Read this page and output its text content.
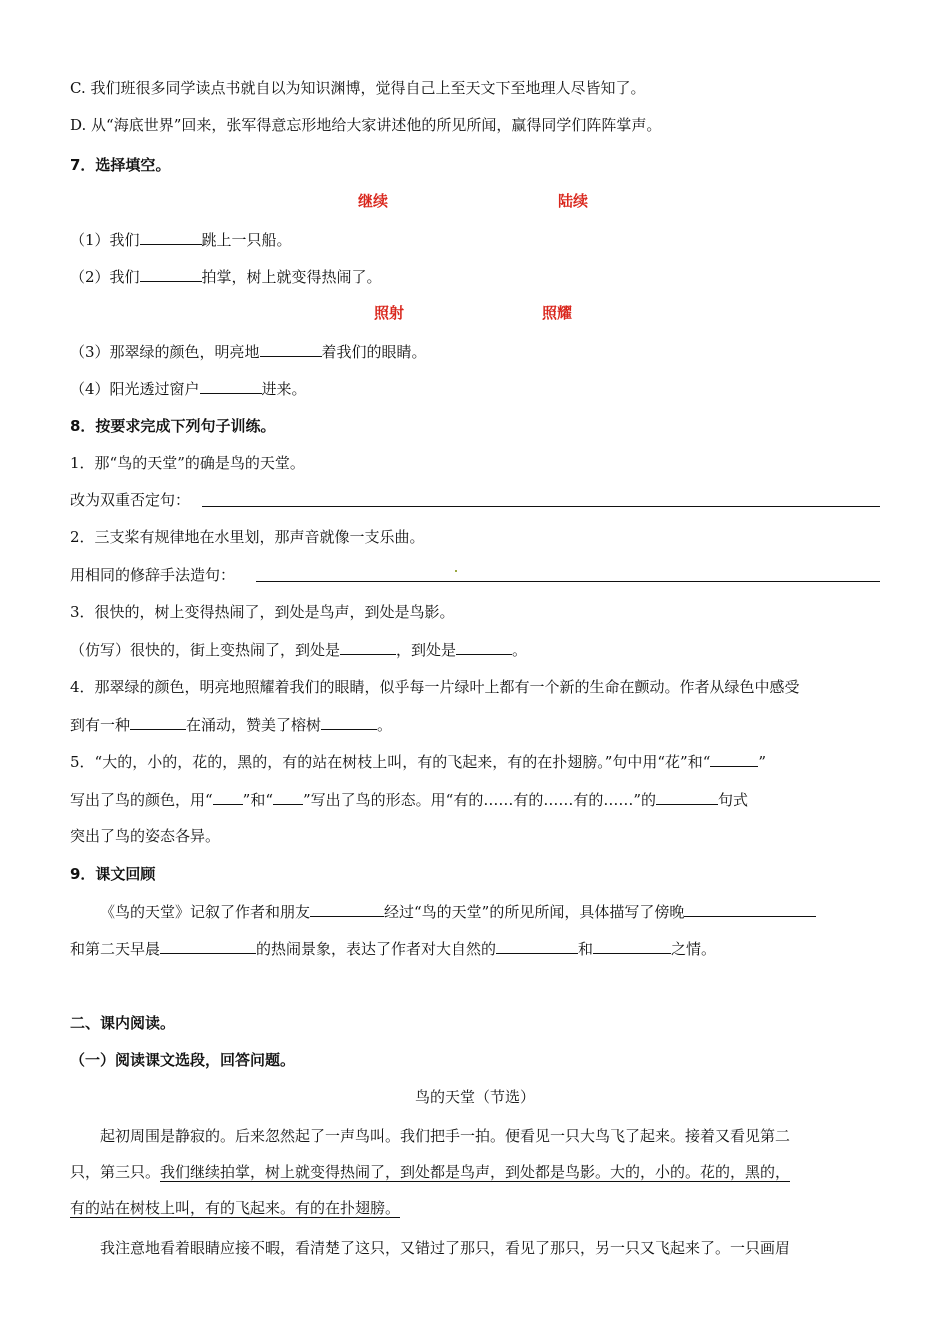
C. 我们班很多同学读点书就自以为知识渊博，觉得自己上至天文下至地理人尽皆知了。
D. 从“海底世界”回来，张军得意忘形地给大家讲述他的所见所闻，赢得同学们阵阵掌声。
7．选择填空。
继续	陆续
（1）我们	跳上一只船。
（2）我们	拍掌，树上就变得热闹了。
照射	照耀
（3）那翠绿的颜色，明亮地	着我们的眼睛。
（4）阳光透过窗户	进来。
8．按要求完成下列句子训练。
1．那“鸟的天堂”的确是鸟的天堂。
改为双重否定句：
2．三支桨有规律地在水里划，那声音就像一支乐曲。
用相同的修辞手法造句：
3．很快的，树上变得热闹了，到处是鸟声，到处是鸟影。
（仿写）很快的，街上变热闹了，到处是	，到处是	。
4．那翠绿的颜色，明亮地照耀着我们的眼睛，似乎每一片绿叶上都有一个新的生命在颤动。作者从绿色中感受
到有一种	在涌动，赞美了榕树	。
5．“大的，小的，花的，黑的，有的站在树枝上叫，有的飞起来，有的在扑翅膀。”句中用“花”和“	”
写出了鸟的颜色，用“ ”和“ ”写出了鸟的形态。用“有的……有的……有的……”的	句式
突出了鸟的姿态各异。
9．课文回顾
《鸟的天堂》记叙了作者和朋友	经过“鸟的天堂”的所见所闻，具体描写了傍晚
和第二天早晨	的热闹景象，表达了作者对大自然的	和	之情。
二、课内阅读。
（一）阅读课文选段，回答问题。
鸟的天堂（节选）
起初周围是静寂的。后来忽然起了一声鸟叫。我们把手一拍。便看见一只大鸟飞了起来。接着又看见第二
只，第三只。我们继续拍掌，树上就变得热闹了，到处都是鸟声，到处都是鸟影。大的，小的。花的，黑的，
有的站在树枝上叫，有的飞起来。有的在扑翅膀。
我注意地看着眼睛应接不暇，看清楚了这只，又错过了那只，看见了那只，另一只又飞起来了。一只画眉
